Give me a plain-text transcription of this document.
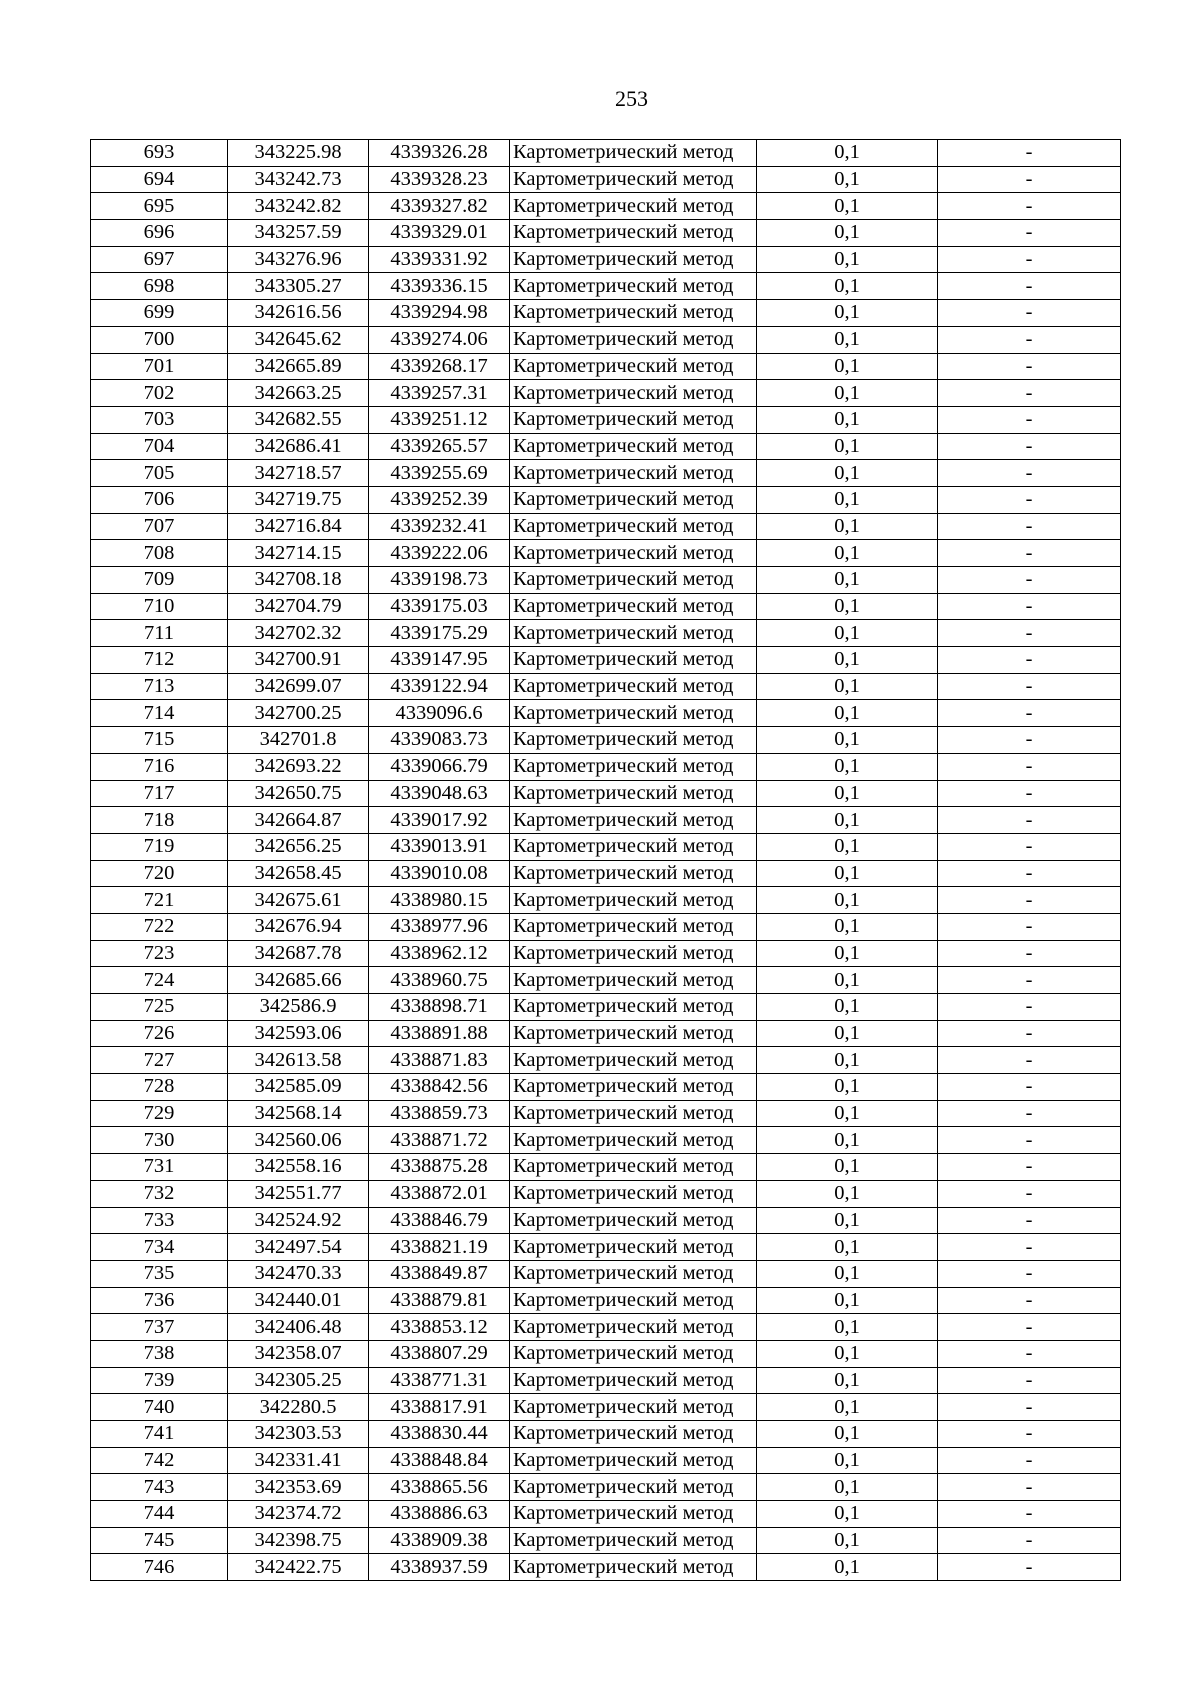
253
693	343225.98	4339326.28	Картометрический метод	0,1	-
694	343242.73	4339328.23	Картометрический метод	0,1	-
695	343242.82	4339327.82	Картометрический метод	0,1	-
696	343257.59	4339329.01	Картометрический метод	0,1	-
697	343276.96	4339331.92	Картометрический метод	0,1	-
698	343305.27	4339336.15	Картометрический метод	0,1	-
699	342616.56	4339294.98	Картометрический метод	0,1	-
700	342645.62	4339274.06	Картометрический метод	0,1	-
701	342665.89	4339268.17	Картометрический метод	0,1	-
702	342663.25	4339257.31	Картометрический метод	0,1	-
703	342682.55	4339251.12	Картометрический метод	0,1	-
704	342686.41	4339265.57	Картометрический метод	0,1	-
705	342718.57	4339255.69	Картометрический метод	0,1	-
706	342719.75	4339252.39	Картометрический метод	0,1	-
707	342716.84	4339232.41	Картометрический метод	0,1	-
708	342714.15	4339222.06	Картометрический метод	0,1	-
709	342708.18	4339198.73	Картометрический метод	0,1	-
710	342704.79	4339175.03	Картометрический метод	0,1	-
711	342702.32	4339175.29	Картометрический метод	0,1	-
712	342700.91	4339147.95	Картометрический метод	0,1	-
713	342699.07	4339122.94	Картометрический метод	0,1	-
714	342700.25	4339096.6	Картометрический метод	0,1	-
715	342701.8	4339083.73	Картометрический метод	0,1	-
716	342693.22	4339066.79	Картометрический метод	0,1	-
717	342650.75	4339048.63	Картометрический метод	0,1	-
718	342664.87	4339017.92	Картометрический метод	0,1	-
719	342656.25	4339013.91	Картометрический метод	0,1	-
720	342658.45	4339010.08	Картометрический метод	0,1	-
721	342675.61	4338980.15	Картометрический метод	0,1	-
722	342676.94	4338977.96	Картометрический метод	0,1	-
723	342687.78	4338962.12	Картометрический метод	0,1	-
724	342685.66	4338960.75	Картометрический метод	0,1	-
725	342586.9	4338898.71	Картометрический метод	0,1	-
726	342593.06	4338891.88	Картометрический метод	0,1	-
727	342613.58	4338871.83	Картометрический метод	0,1	-
728	342585.09	4338842.56	Картометрический метод	0,1	-
729	342568.14	4338859.73	Картометрический метод	0,1	-
730	342560.06	4338871.72	Картометрический метод	0,1	-
731	342558.16	4338875.28	Картометрический метод	0,1	-
732	342551.77	4338872.01	Картометрический метод	0,1	-
733	342524.92	4338846.79	Картометрический метод	0,1	-
734	342497.54	4338821.19	Картометрический метод	0,1	-
735	342470.33	4338849.87	Картометрический метод	0,1	-
736	342440.01	4338879.81	Картометрический метод	0,1	-
737	342406.48	4338853.12	Картометрический метод	0,1	-
738	342358.07	4338807.29	Картометрический метод	0,1	-
739	342305.25	4338771.31	Картометрический метод	0,1	-
740	342280.5	4338817.91	Картометрический метод	0,1	-
741	342303.53	4338830.44	Картометрический метод	0,1	-
742	342331.41	4338848.84	Картометрический метод	0,1	-
743	342353.69	4338865.56	Картометрический метод	0,1	-
744	342374.72	4338886.63	Картометрический метод	0,1	-
745	342398.75	4338909.38	Картометрический метод	0,1	-
746	342422.75	4338937.59	Картометрический метод	0,1	-
